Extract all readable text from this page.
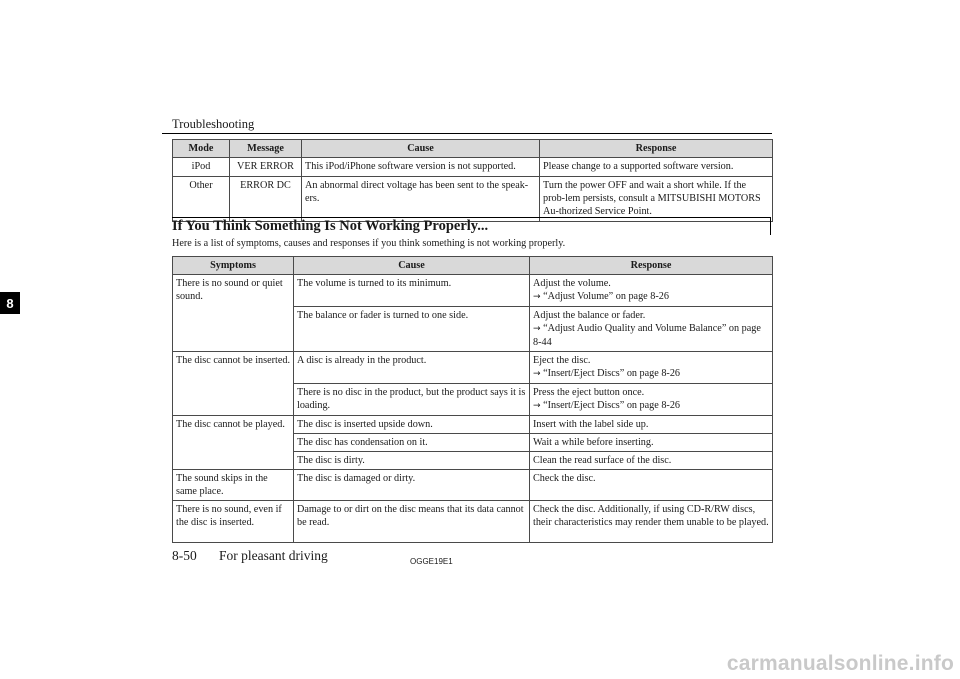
Troubleshooting
8
Mode	Message	Cause	Response
iPod	VER ERROR	This iPod/iPhone software version is not supported.	Please change to a supported software version.
Other	ERROR DC	An abnormal direct voltage has been sent to the speak-ers.	Turn the power OFF and wait a short while. If the prob-lem persists, consult a MITSUBISHI MOTORS Au-thorized Service Point.
If You Think Something Is Not Working Properly...
Here is a list of symptoms, causes and responses if you think something is not working properly.
Symptoms	Cause	Response
There is no sound or quiet sound.	The volume is turned to its minimum.	Adjust the volume.
→ “Adjust Volume” on page 8-26

	The balance or fader is turned to one side.	Adjust the balance or fader.
→ “Adjust Audio Quality and Volume Balance” on page 8-44

The disc cannot be inserted.	A disc is already in the product.	Eject the disc.
→ “Insert/Eject Discs” on page 8-26

	There is no disc in the product, but the product says it is loading.	Press the eject button once.
→ “Insert/Eject Discs” on page 8-26

The disc cannot be played.	The disc is inserted upside down.	Insert with the label side up.
	The disc has condensation on it.	Wait a while before inserting.
	The disc is dirty.	Clean the read surface of the disc.
The sound skips in the same place.	The disc is damaged or dirty.	Check the disc.
There is no sound, even if the disc is inserted.	Damage to or dirt on the disc means that its data cannot be read.	Check the disc. Additionally, if using CD-R/RW discs, their characteristics may render them unable to be played.
8-50 For pleasant driving	OGGE19E1
carmanualsonline.info
